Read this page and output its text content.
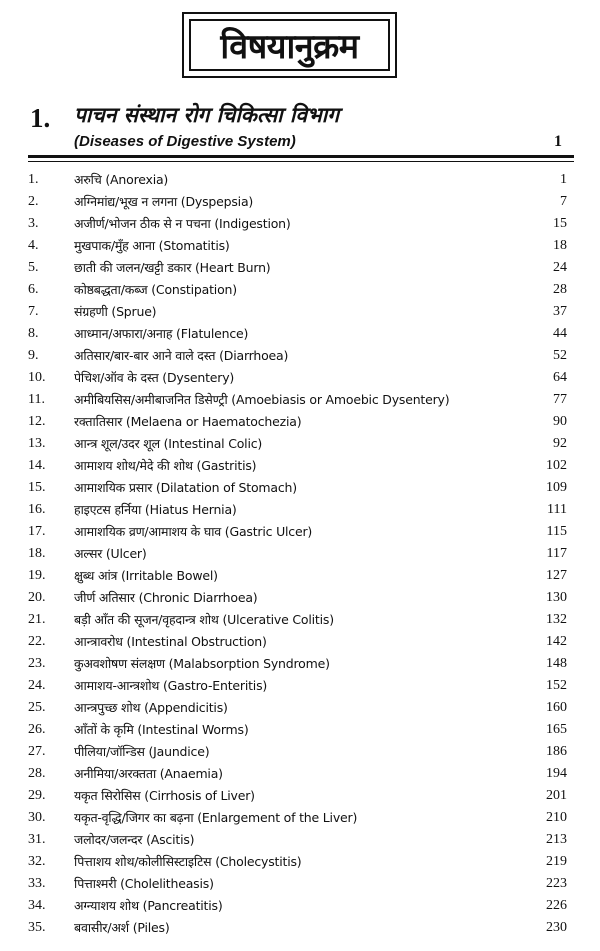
विषयानुक्रम
1. पाचन संस्थान रोग चिकित्सा विभाग
(Diseases of Digestive System)	1
1.	अरुचि (Anorexia)	1
2.	अग्निमांद्य/भूख न लगना (Dyspepsia)	7
3.	अजीर्ण/भोजन ठीक से न पचना (Indigestion)	15
4.	मुखपाक/मुँह आना (Stomatitis)	18
5.	छाती की जलन/खट्टी डकार (Heart Burn)	24
6.	कोष्ठबद्धता/कब्ज (Constipation)	28
7.	संग्रहणी (Sprue)	37
8.	आध्मान/अफारा/अनाह (Flatulence)	44
9.	अतिसार/बार-बार आने वाले दस्त (Diarrhoea)	52
10. पेचिश/ऑव के दस्त (Dysentery)	64
11. अमीबियसिस/अमीबाजनित डिसेण्ट्री (Amoebiasis or Amoebic Dysentery)	77
12. रक्तातिसार (Melaena or Haematochezia)	90
13. आन्त्र शूल/उदर शूल (Intestinal Colic)	92
14. आमाशय शोथ/मेदे की शोथ (Gastritis)	102
15. आमाशयिक प्रसार (Dilatation of Stomach)	109
16. हाइएटस हर्निया (Hiatus Hernia)	111
17. आमाशयिक व्रण/आमाशय के घाव (Gastric Ulcer)	115
18. अल्सर (Ulcer)	117
19. क्षुब्ध आंत्र (Irritable Bowel)	127
20. जीर्ण अतिसार (Chronic Diarrhoea)	130
21. बड़ी आँत की सूजन/वृहदान्त्र शोथ (Ulcerative Colitis)	132
22. आन्त्रावरोध (Intestinal Obstruction)	142
23. कुअवशोषण संलक्षण (Malabsorption Syndrome)	148
24. आमाशय-आन्त्रशोथ (Gastro-Enteritis)	152
25. आन्त्रपुच्छ शोथ (Appendicitis)	160
26. आँतों के कृमि (Intestinal Worms)	165
27. पीलिया/जॉन्डिस (Jaundice)	186
28. अनीमिया/अरक्तता (Anaemia)	194
29. यकृत सिरोसिस (Cirrhosis of Liver)	201
30. यकृत-वृद्धि/जिगर का बढ़ना (Enlargement of the Liver)	210
31. जलोदर/जलन्दर (Ascitis)	213
32. पित्ताशय शोथ/कोलीसिस्टाइटिस (Cholecystitis)	219
33. पित्ताश्मरी (Cholelitheasis)	223
34. अग्न्याशय शोथ (Pancreatitis)	226
35. बवासीर/अर्श (Piles)	230
